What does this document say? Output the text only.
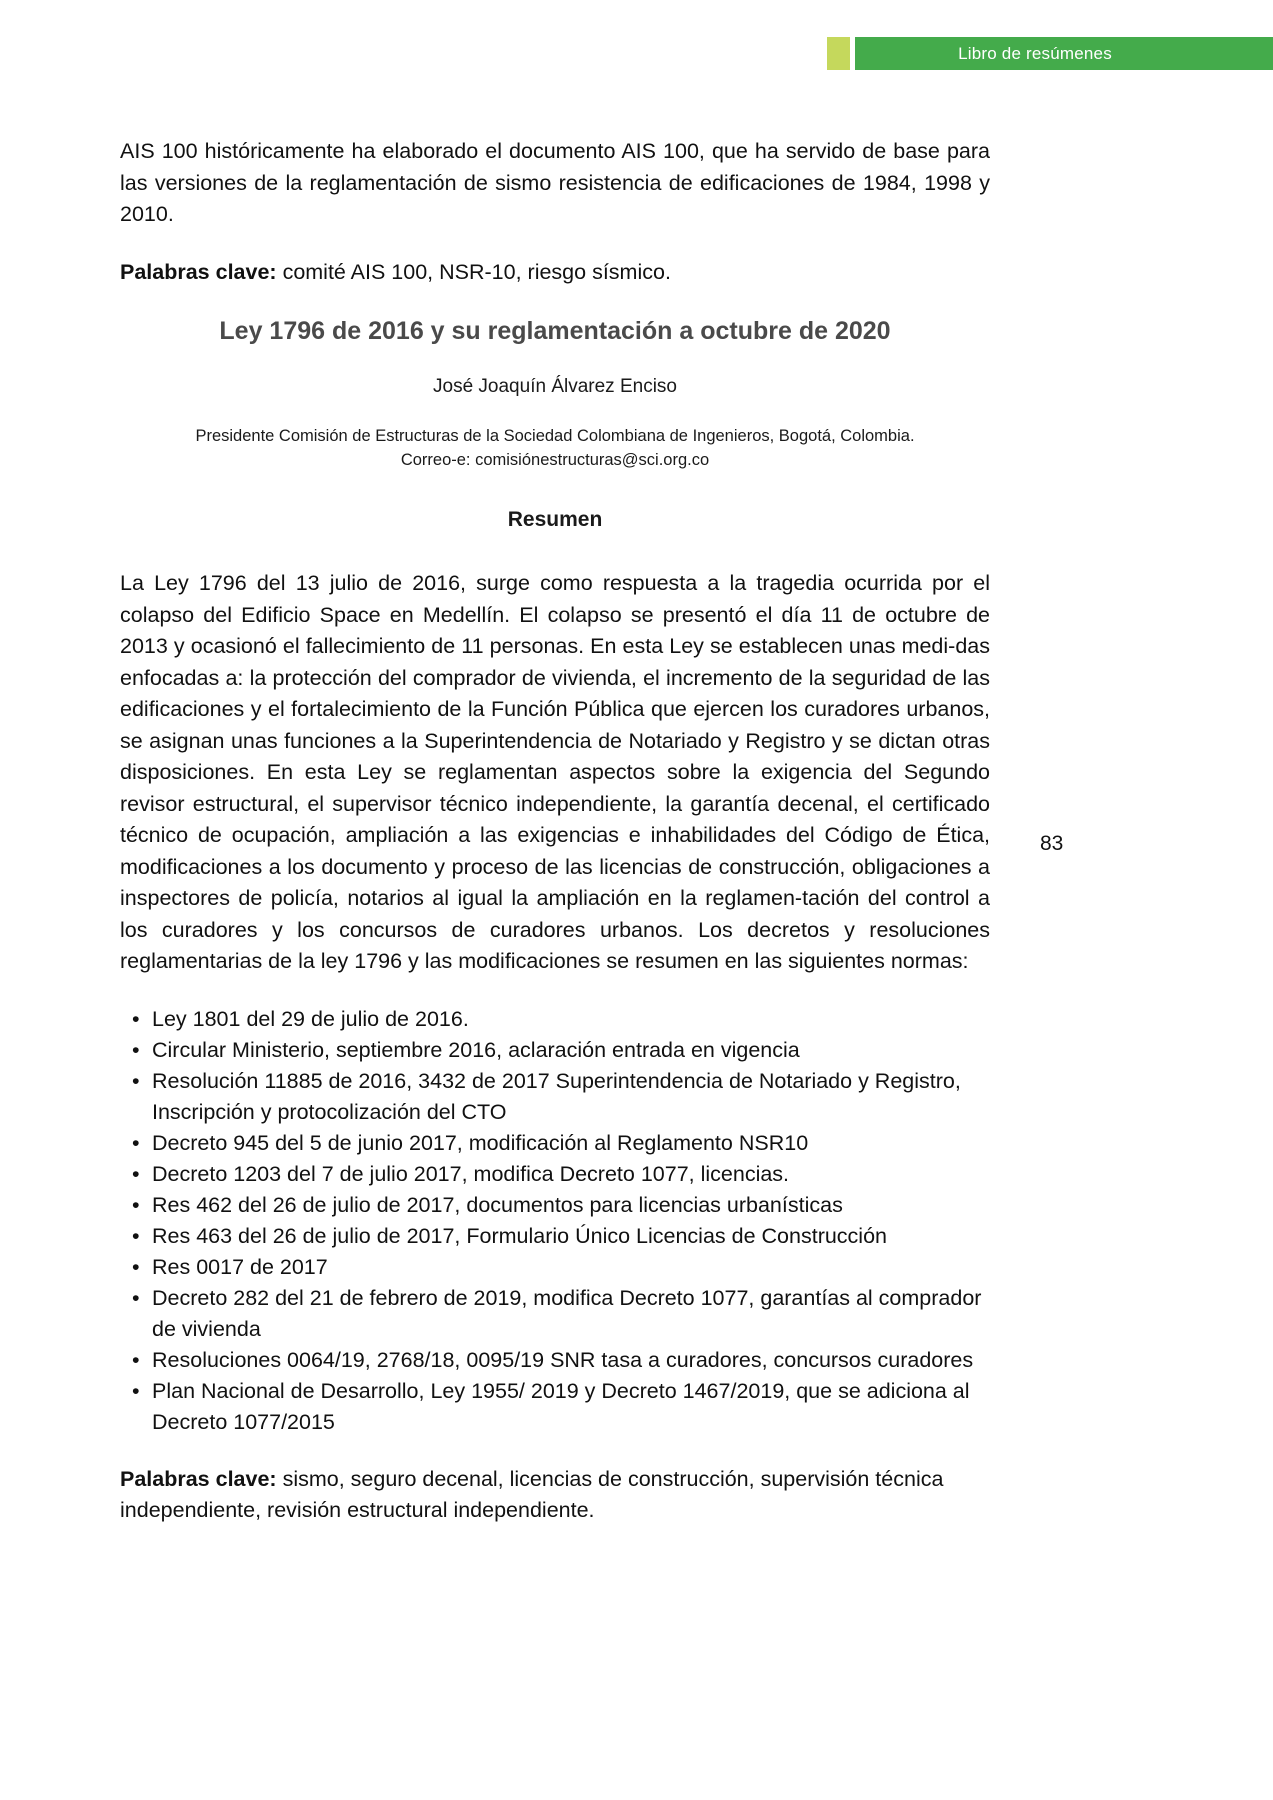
Libro de resúmenes
83

AIS 100 históricamente ha elaborado el documento AIS 100, que ha servido de base para las versiones de la reglamentación de sismo resistencia de edificaciones de 1984, 1998 y 2010.

Palabras clave: comité AIS 100, NSR-10, riesgo sísmico.

Ley 1796 de 2016 y su reglamentación a octubre de 2020
José Joaquín Álvarez Enciso
Presidente Comisión de Estructuras de la Sociedad Colombiana de Ingenieros, Bogotá, Colombia.
Correo-e: comisiónestructuras@sci.org.co
Resumen

La Ley 1796 del 13 julio de 2016, surge como respuesta a la tragedia ocurrida por el colapso del Edificio Space en Medellín. El colapso se presentó el día 11 de octubre de 2013 y ocasionó el fallecimiento de 11 personas. En esta Ley se establecen unas medi-das enfocadas a: la protección del comprador de vivienda, el incremento de la seguridad de las edificaciones y el fortalecimiento de la Función Pública que ejercen los curadores urbanos, se asignan unas funciones a la Superintendencia de Notariado y Registro y se dictan otras disposiciones. En esta Ley se reglamentan aspectos sobre la exigencia del Segundo revisor estructural, el supervisor técnico independiente, la garantía decenal, el certificado técnico de ocupación, ampliación a las exigencias e inhabilidades del Código de Ética, modificaciones a los documento y proceso de las licencias de construcción, obligaciones a inspectores de policía, notarios al igual la ampliación en la reglamen-tación del control a los curadores y los concursos de curadores urbanos. Los decretos y resoluciones reglamentarias de la ley 1796 y las modificaciones se resumen en las siguientes normas:

• Ley 1801 del 29 de julio de 2016.
• Circular Ministerio, septiembre 2016, aclaración entrada en vigencia
• Resolución 11885 de 2016, 3432 de 2017 Superintendencia de Notariado y Registro, Inscripción y protocolización del CTO
• Decreto 945 del 5 de junio 2017, modificación al Reglamento NSR10
• Decreto 1203 del 7 de julio 2017, modifica Decreto 1077, licencias.
• Res 462 del 26 de julio de 2017, documentos para licencias urbanísticas
• Res 463 del 26 de julio de 2017, Formulario Único Licencias de Construcción
• Res 0017 de 2017
• Decreto 282 del 21 de febrero de 2019, modifica Decreto 1077, garantías al comprador de vivienda
• Resoluciones 0064/19, 2768/18, 0095/19 SNR tasa a curadores, concursos curadores
• Plan Nacional de Desarrollo, Ley 1955/ 2019 y Decreto 1467/2019, que se adiciona al Decreto 1077/2015

Palabras clave: sismo, seguro decenal, licencias de construcción, supervisión técnica independiente, revisión estructural independiente.
